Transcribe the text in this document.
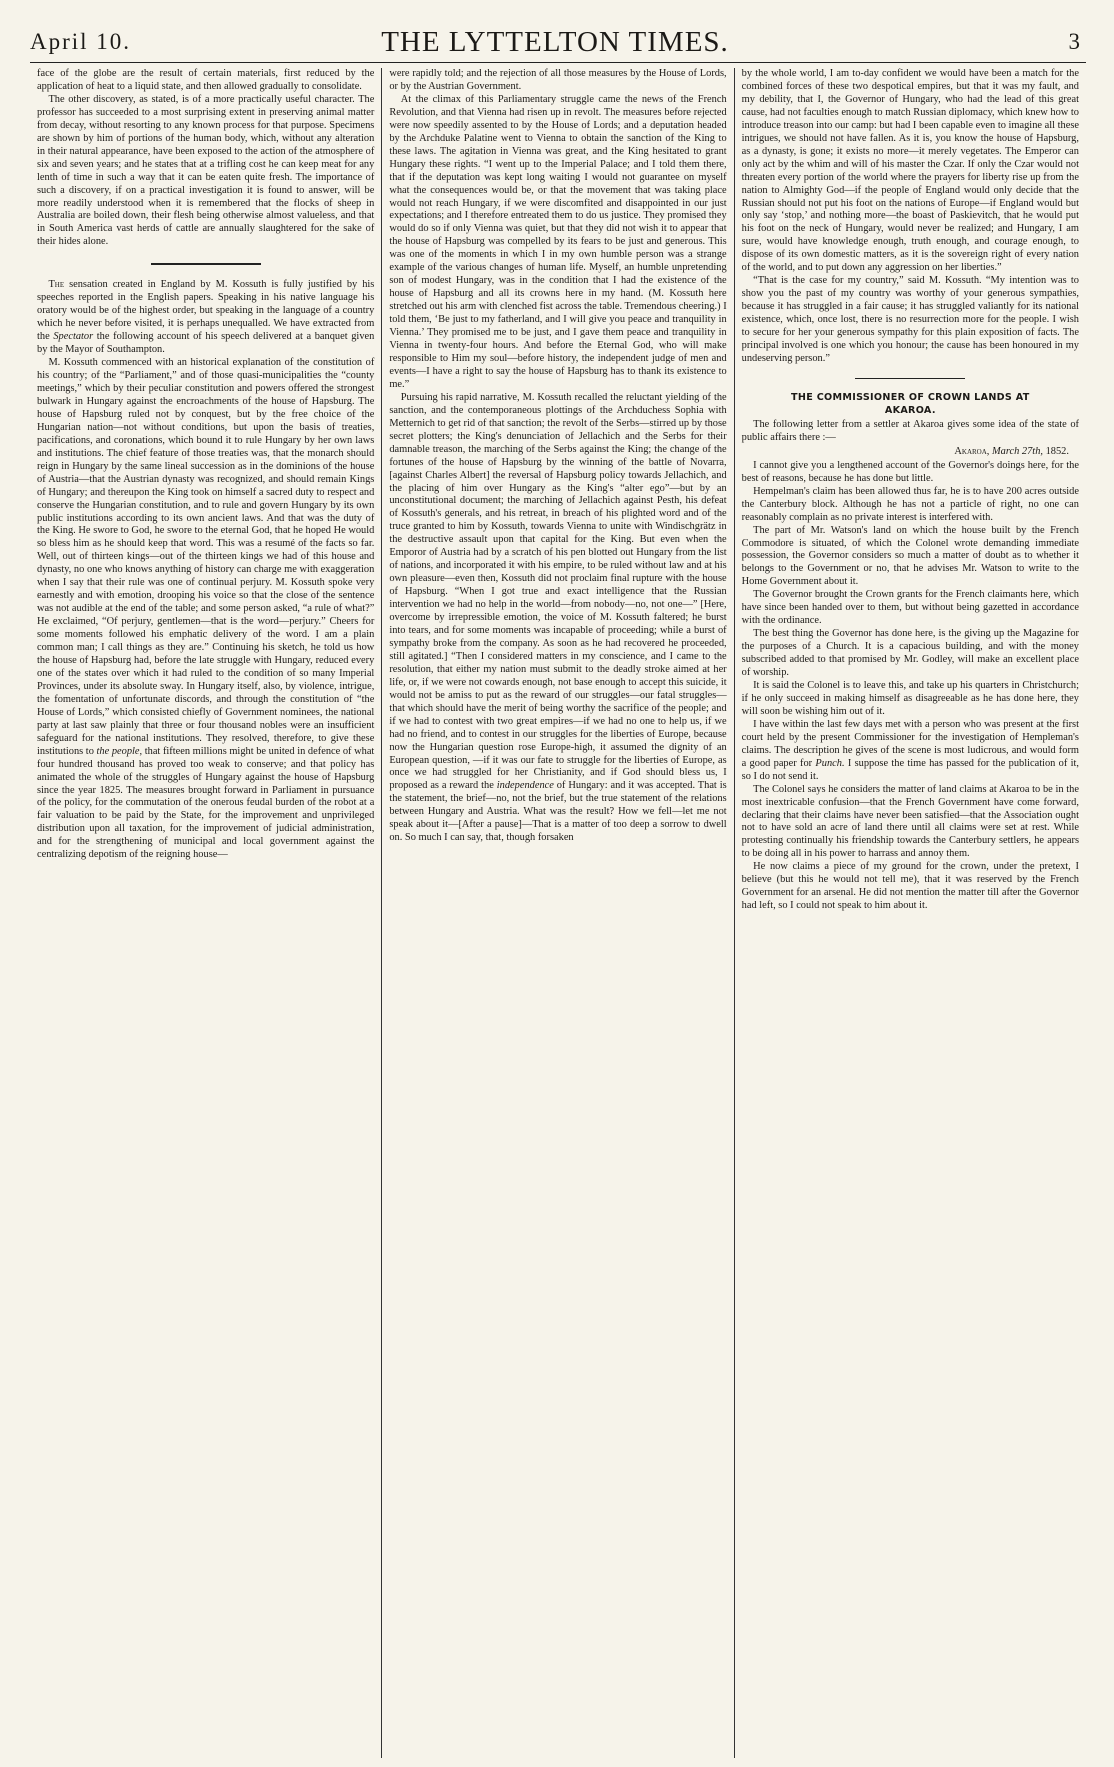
April 10.	THE LYTTELTON TIMES.	3

face of the globe are the result of certain materials, first reduced by the application of heat to a liquid state, and then allowed gradually to consolidate.

The other discovery, as stated, is of a more practically useful character. The professor has succeeded to a most surprising extent in preserving animal matter from decay, without resorting to any known process for that purpose. Specimens are shown by him of portions of the human body, which, without any alteration in their natural appearance, have been exposed to the action of the atmosphere of six and seven years; and he states that at a trifling cost he can keep meat for any lenth of time in such a way that it can be eaten quite fresh. The importance of such a discovery, if on a practical investigation it is found to answer, will be more readily understood when it is remembered that the flocks of sheep in Australia are boiled down, their flesh being otherwise almost valueless, and that in South America vast herds of cattle are annually slaughtered for the sake of their hides alone.

The sensation created in England by M. Kossuth is fully justified by his speeches reported in the English papers. Speaking in his native language his oratory would be of the highest order, but speaking in the language of a country which he never before visited, it is perhaps unequalled. We have extracted from the Spectator the following account of his speech delivered at a banquet given by the Mayor of Southampton.

M. Kossuth commenced with an historical explanation of the constitution of his country; of the “Parliament,” and of those quasi-municipalities the “county meetings,” which by their peculiar constitution and powers offered the strongest bulwark in Hungary against the encroachments of the house of Hapsburg. The house of Hapsburg ruled not by conquest, but by the free choice of the Hungarian nation—not without conditions, but upon the basis of treaties, pacifications, and coronations, which bound it to rule Hungary by her own laws and institutions. The chief feature of those treaties was, that the monarch should reign in Hungary by the same lineal succession as in the dominions of the house of Austria—that the Austrian dynasty was recognized, and should remain Kings of Hungary; and thereupon the King took on himself a sacred duty to respect and conserve the Hungarian constitution, and to rule and govern Hungary by its own public institutions according to its own ancient laws. And that was the duty of the King. He swore to God, he swore to the eternal God, that he hoped He would so bless him as he should keep that word. This was a resumé of the facts so far. Well, out of thirteen kings—out of the thirteen kings we had of this house and dynasty, no one who knows anything of history can charge me with exaggeration when I say that their rule was one of continual perjury. M. Kossuth spoke very earnestly and with emotion, drooping his voice so that the close of the sentence was not audible at the end of the table; and some person asked, “a rule of what?” He exclaimed, “Of perjury, gentlemen—that is the word—perjury.” Cheers for some moments followed his emphatic delivery of the word. I am a plain common man; I call things as they are.” Continuing his sketch, he told us how the house of Hapsburg had, before the late struggle with Hungary, reduced every one of the states over which it had ruled to the condition of so many Imperial Provinces, under its absolute sway. In Hungary itself, also, by violence, intrigue, the fomentation of unfortunate discords, and through the constitution of “the House of Lords,” which consisted chiefly of Government nominees, the national party at last saw plainly that three or four thousand nobles were an insufficient safeguard for the national institutions. They resolved, therefore, to give these institutions to the people, that fifteen millions might be united in defence of what four hundred thousand has proved too weak to conserve; and that policy has animated the whole of the struggles of Hungary against the house of Hapsburg since the year 1825. The measures brought forward in Parliament in pursuance of the policy, for the commutation of the onerous feudal burden of the robot at a fair valuation to be paid by the State, for the improvement and unprivileged distribution upon all taxation, for the improvement of judicial administration, and for the strengthening of municipal and local government against the centralizing depotism of the reigning house—

were rapidly told; and the rejection of all those measures by the House of Lords, or by the Austrian Government.

At the climax of this Parliamentary struggle came the news of the French Revolution, and that Vienna had risen up in revolt. The measures before rejected were now speedily assented to by the House of Lords; and a deputation headed by the Archduke Palatine went to Vienna to obtain the sanction of the King to these laws. The agitation in Vienna was great, and the King hesitated to grant Hungary these rights. “I went up to the Imperial Palace; and I told them there, that if the deputation was kept long waiting I would not guarantee on myself what the consequences would be, or that the movement that was taking place would not reach Hungary, if we were discomfited and disappointed in our just expectations; and I therefore entreated them to do us justice. They promised they would do so if only Vienna was quiet, but that they did not wish it to appear that the house of Hapsburg was compelled by its fears to be just and generous. This was one of the moments in which I in my own humble person was a strange example of the various changes of human life. Myself, an humble unpretending son of modest Hungary, was in the condition that I had the existence of the house of Hapsburg and all its crowns here in my hand. (M. Kossuth here stretched out his arm with clenched fist across the table. Tremendous cheering.) I told them, ‘Be just to my fatherland, and I will give you peace and tranquility in Vienna.’ They promised me to be just, and I gave them peace and tranquility in Vienna in twenty-four hours. And before the Eternal God, who will make responsible to Him my soul—before history, the independent judge of men and events—I have a right to say the house of Hapsburg has to thank its existence to me.”

Pursuing his rapid narrative, M. Kossuth recalled the reluctant yielding of the sanction, and the contemporaneous plottings of the Archduchess Sophia with Metternich to get rid of that sanction; the revolt of the Serbs—stirred up by those secret plotters; the King's denunciation of Jellachich and the Serbs for their damnable treason, the marching of the Serbs against the King; the change of the fortunes of the house of Hapsburg by the winning of the battle of Novarra, [against Charles Albert] the reversal of Hapsburg policy towards Jellachich, and the placing of him over Hungary as the King's “alter ego”—but by an unconstitutional document; the marching of Jellachich against Pesth, his defeat of Kossuth's generals, and his retreat, in breach of his plighted word and of the truce granted to him by Kossuth, towards Vienna to unite with Windischgrätz in the destructive assault upon that capital for the King. But even when the Emporor of Austria had by a scratch of his pen blotted out Hungary from the list of nations, and incorporated it with his empire, to be ruled without law and at his own pleasure—even then, Kossuth did not proclaim final rupture with the house of Hapsburg. “When I got true and exact intelligence that the Russian intervention we had no help in the world—from nobody—no, not one—” [Here, overcome by irrepressible emotion, the voice of M. Kossuth faltered; he burst into tears, and for some moments was incapable of proceeding; while a burst of sympathy broke from the company. As soon as he had recovered he proceeded, still agitated.] “Then I considered matters in my conscience, and I came to the resolution, that either my nation must submit to the deadly stroke aimed at her life, or, if we were not cowards enough, not base enough to accept this suicide, it would not be amiss to put as the reward of our struggles—our fatal struggles—that which should have the merit of being worthy the sacrifice of the people; and if we had to contest with two great empires—if we had no one to help us, if we had no friend, and to contest in our struggles for the liberties of Europe, because now the Hungarian question rose Europe-high, it assumed the dignity of an European question, —if it was our fate to struggle for the liberties of Europe, as once we had struggled for her Christianity, and if God should bless us, I proposed as a reward the independence of Hungary: and it was accepted. That is the statement, the brief—no, not the brief, but the true statement of the relations between Hungary and Austria. What was the result? How we fell—let me not speak about it—[After a pause]—That is a matter of too deep a sorrow to dwell on. So much I can say, that, though forsaken

by the whole world, I am to-day confident we would have been a match for the combined forces of these two despotical empires, but that it was my fault, and my debility, that I, the Governor of Hungary, who had the lead of this great cause, had not faculties enough to match Russian diplomacy, which knew how to introduce treason into our camp: but had I been capable even to imagine all these intrigues, we should not have fallen. As it is, you know the house of Hapsburg, as a dynasty, is gone; it exists no more—it merely vegetates. The Emperor can only act by the whim and will of his master the Czar. If only the Czar would not threaten every portion of the world where the prayers for liberty rise up from the nation to Almighty God—if the people of England would only decide that the Russian should not put his foot on the nations of Europe—if England would but only say ‘stop,’ and nothing more—the boast of Paskievitch, that he would put his foot on the neck of Hungary, would never be realized; and Hungary, I am sure, would have knowledge enough, truth enough, and courage enough, to dispose of its own domestic matters, as it is the sovereign right of every nation of the world, and to put down any aggression on her liberties.”

“That is the case for my country,” said M. Kossuth. “My intention was to show you the past of my country was worthy of your generous sympathies, because it has struggled in a fair cause; it has struggled valiantly for its national existence, which, once lost, there is no resurrection more for the people. I wish to secure for her your generous sympathy for this plain exposition of facts. The principal involved is one which you honour; the cause has been honoured in my undeserving person.”

THE COMMISSIONER OF CROWN LANDS AT
AKAROA.

The following letter from a settler at Akaroa gives some idea of the state of public affairs there :—

Akaroa, March 27th, 1852.

I cannot give you a lengthened account of the Governor's doings here, for the best of reasons, because he has done but little.

Hempelman's claim has been allowed thus far, he is to have 200 acres outside the Canterbury block. Although he has not a particle of right, no one can reasonably complain as no private interest is interfered with.

The part of Mr. Watson's land on which the house built by the French Commodore is situated, of which the Colonel wrote demanding immediate possession, the Governor considers so much a matter of doubt as to whether it belongs to the Government or no, that he advises Mr. Watson to write to the Home Government about it.

The Governor brought the Crown grants for the French claimants here, which have since been handed over to them, but without being gazetted in accordance with the ordinance.

The best thing the Governor has done here, is the giving up the Magazine for the purposes of a Church. It is a capacious building, and with the money subscribed added to that promised by Mr. Godley, will make an excellent place of worship.

It is said the Colonel is to leave this, and take up his quarters in Christchurch; if he only succeed in making himself as disagreeable as he has done here, they will soon be wishing him out of it.

I have within the last few days met with a person who was present at the first court held by the present Commissioner for the investigation of Hempleman's claims. The description he gives of the scene is most ludicrous, and would form a good paper for Punch. I suppose the time has passed for the publication of it, so I do not send it.

The Colonel says he considers the matter of land claims at Akaroa to be in the most inextricable confusion—that the French Government have come forward, declaring that their claims have never been satisfied—that the Association ought not to have sold an acre of land there until all claims were set at rest. While protesting continually his friendship towards the Canterbury settlers, he appears to be doing all in his power to harrass and annoy them.

He now claims a piece of my ground for the crown, under the pretext, I believe (but this he would not tell me), that it was reserved by the French Government for an arsenal. He did not mention the matter till after the Governor had left, so I could not speak to him about it.
